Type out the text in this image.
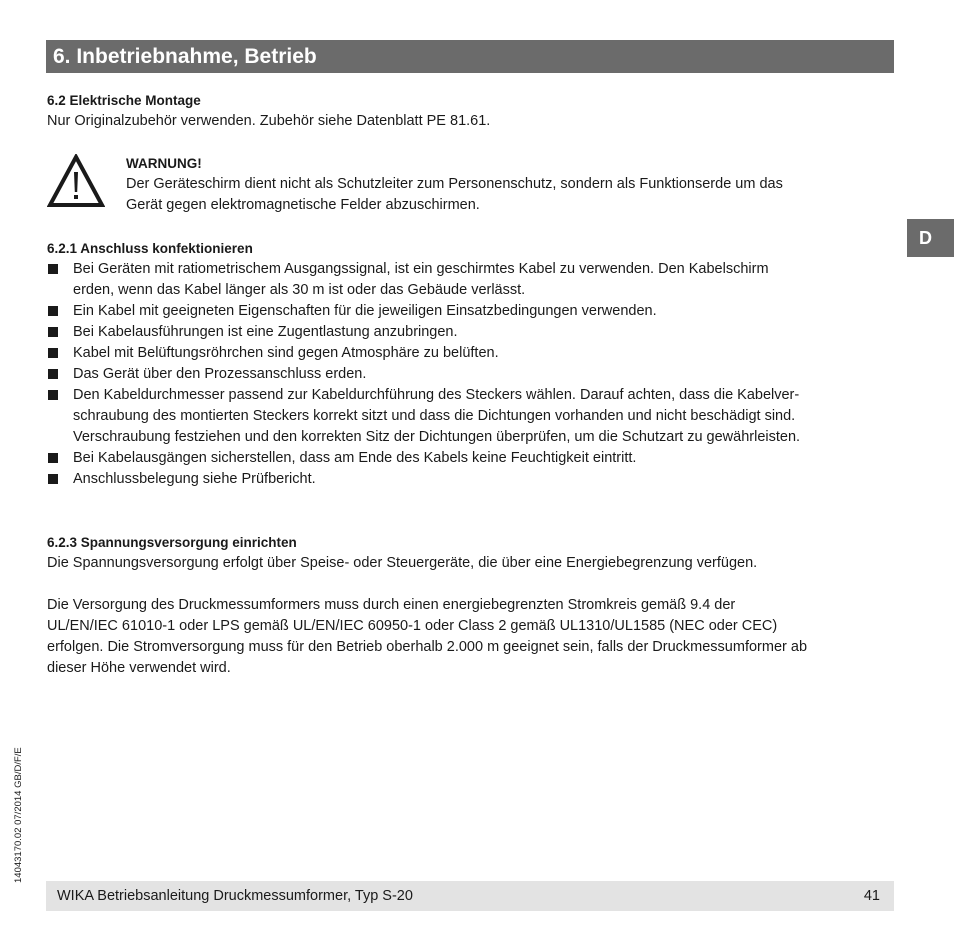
6. Inbetriebnahme, Betrieb
D
14043170.02 07/2014 GB/D/F/E

6.2 Elektrische Montage

Nur Originalzubehör verwenden. Zubehör siehe Datenblatt PE 81.61.

WARNUNG!
Der Geräteschirm dient nicht als Schutzleiter zum Personenschutz, sondern als Funktionserde um das
Gerät gegen elektromagnetische Felder abzuschirmen.

6.2.1 Anschluss konfektionieren

Bei Geräten mit ratiometrischem Ausgangssignal, ist ein geschirmtes Kabel zu verwenden. Den Kabelschirm
erden, wenn das Kabel länger als 30 m ist oder das Gebäude verlässt.
Ein Kabel mit geeigneten Eigenschaften für die jeweiligen Einsatzbedingungen verwenden.
Bei Kabelausführungen ist eine Zugentlastung anzubringen.
Kabel mit Belüftungsröhrchen sind gegen Atmosphäre zu belüften.
Das Gerät über den Prozessanschluss erden.
Den Kabeldurchmesser passend zur Kabeldurchführung des Steckers wählen. Darauf achten, dass die Kabelver-
schraubung des montierten Steckers korrekt sitzt und dass die Dichtungen vorhanden und nicht beschädigt sind.
Verschraubung festziehen und den korrekten Sitz der Dichtungen überprüfen, um die Schutzart zu gewährleisten.
Bei Kabelausgängen sicherstellen, dass am Ende des Kabels keine Feuchtigkeit eintritt.
Anschlussbelegung siehe Prüfbericht.

6.2.3 Spannungsversorgung einrichten

Die Spannungsversorgung erfolgt über Speise- oder Steuergeräte, die über eine Energiebegrenzung verfügen.

Die Versorgung des Druckmessumformers muss durch einen energiebegrenzten Stromkreis gemäß 9.4 der
UL/EN/IEC 61010-1 oder LPS gemäß UL/EN/IEC 60950-1 oder Class 2 gemäß UL1310/UL1585 (NEC oder CEC)
erfolgen. Die Stromversorgung muss für den Betrieb oberhalb 2.000 m geeignet sein, falls der Druckmessumformer ab
dieser Höhe verwendet wird.
WIKA Betriebsanleitung Druckmessumformer, Typ S-20	41
